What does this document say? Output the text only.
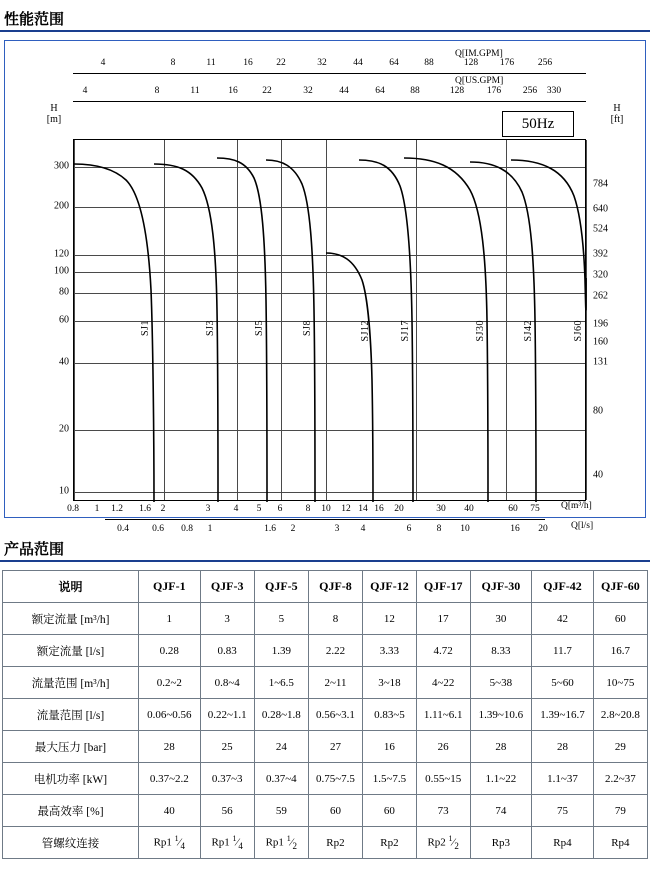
性能范围
Q[IM.GPM]
Q[US.GPM]
4	8	11	16 22	32	44	64	88	128 176	256
4	8	11	16	22	32	44	64	88	128 176 256 330
H
[m]
H
[ft]
50Hz
SJ1	SJ3	SJ5	SJ8	SJ12	SJ17	SJ30	SJ42	SJ60
300
200
120
100
80
60
40
20
10
784
640
524
392
320
262
196
160
131
80
40
0.8 1 1.2 1.6 2	3 4 5 6 8 10 12 14 16 20	30 40	60 75 Q[m³/h]
0.4 0.6 0.8 1	1.6 2	3 4	6	8 10	16 20 Q[l/s]
产品范围
说明	QJF-1	QJF-3	QJF-5	QJF-8	QJF-12	QJF-17	QJF-30	QJF-42	QJF-60
额定流量 [m³/h]	1	3	5	8	12	17	30	42	60
额定流量 [l/s]	0.28	0.83	1.39	2.22	3.33	4.72	8.33	11.7	16.7
流量范围 [m³/h]	0.2~2	0.8~4	1~6.5	2~11	3~18	4~22	5~38	5~60	10~75
流量范围 [l/s]	0.06~0.56	0.22~1.1	0.28~1.8	0.56~3.1	0.83~5	1.11~6.1	1.39~10.6	1.39~16.7	2.8~20.8
最大压力 [bar]	28	25	24	27	16	26	28	28	29
电机功率 [kW]	0.37~2.2	0.37~3	0.37~4	0.75~7.5	1.5~7.5	0.55~15	1.1~22	1.1~37	2.2~37
最高效率 [%]	40	56	59	60	60	73	74	75	79
管螺纹连接	Rp1 $^1⁄_4$	Rp1 $^1⁄_4$	Rp1 $^1⁄_2$	Rp2	Rp2	Rp2 $^1⁄_2$	Rp3	Rp4	Rp4
